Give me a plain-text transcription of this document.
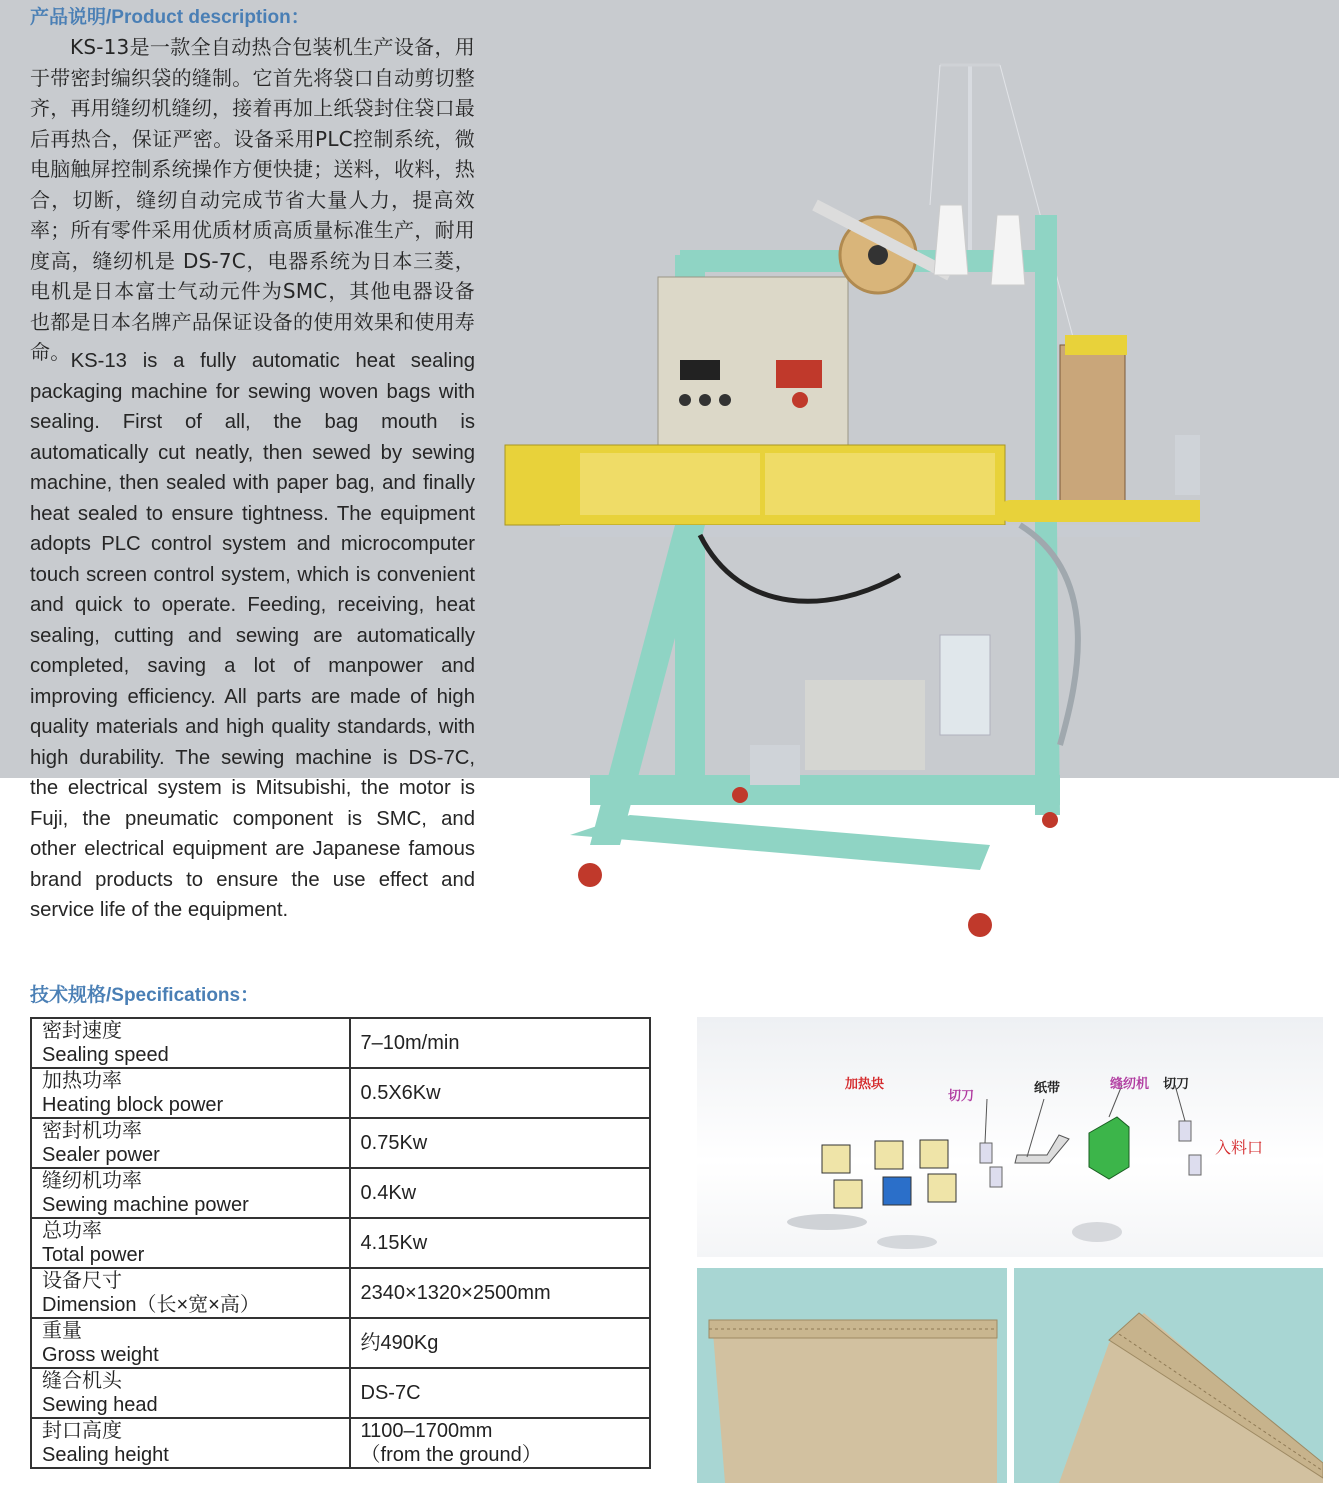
产品说明/Product description：

KS-13是一款全自动热合包装机生产设备，用于带密封编织袋的缝制。它首先将袋口自动剪切整齐，再用缝纫机缝纫，接着再加上纸袋封住袋口最后再热合，保证严密。设备采用PLC控制系统，微电脑触屏控制系统操作方便快捷；送料，收料，热合，切断，缝纫自动完成节省大量人力，提高效率；所有零件采用优质材质高质量标准生产，耐用度高，缝纫机是 DS-7C，电器系统为日本三菱，电机是日本富士气动元件为SMC，其他电器设备也都是日本名牌产品保证设备的使用效果和使用寿命。 KS-13 is a fully automatic heat sealing packaging machine for sewing woven bags with sealing. First of all, the bag mouth is automatically cut neatly, then sewed by sewing machine, then sealed with paper bag, and finally heat sealed to ensure tightness. The equipment adopts PLC control system and microcomputer touch screen control system, which is convenient and quick to operate. Feeding, receiving, heat sealing, cutting and sewing are automatically completed, saving a lot of manpower and improving efficiency. All parts are made of high quality materials and high quality standards, with high durability. The sewing machine is DS-7C, the electrical system is Mitsubishi, the motor is Fuji, the pneumatic component is SMC, and other electrical equipment are Japanese famous brand products to ensure the use effect and service life of the equipment.

技术规格/Specifications：
密封速度
Sealing speed	7–10m/min

加热功率
Heating block power	0.5X6Kw

密封机功率
Sealer power	0.75Kw

缝纫机功率
Sewing machine power	0.4Kw

总功率
Total power	4.15Kw

设备尺寸
Dimension（长×宽×高）	2340×1320×2500mm

重量
Gross weight	约490Kg

缝合机头
Sewing head	DS-7C

封口高度
Sealing height	1100–1700mm
（from the ground）
加热块
切刀
纸带	缝纫机 切刀
入料口
